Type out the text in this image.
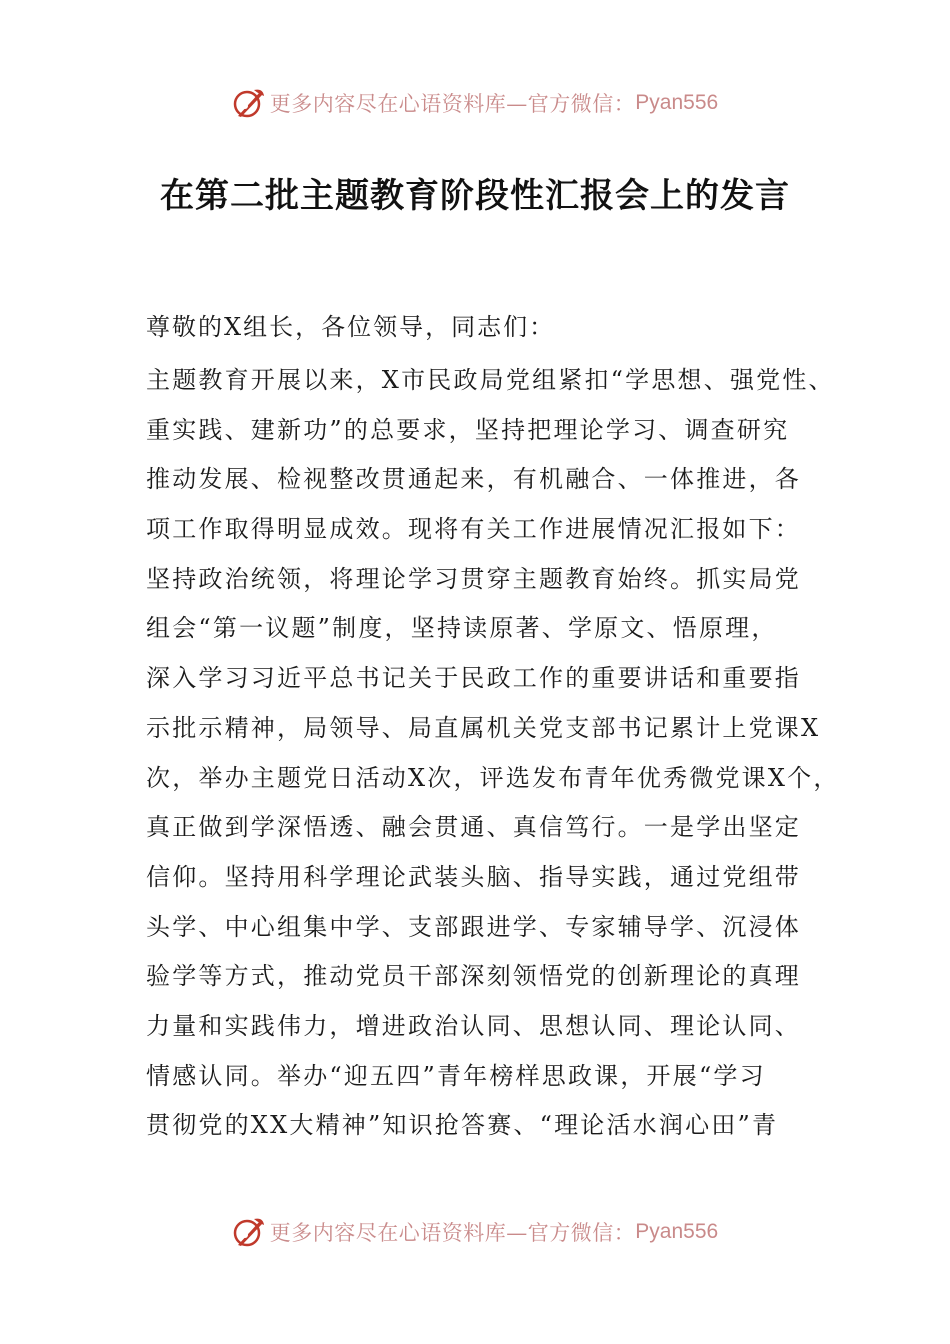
更多内容尽在心语资料库—官方微信： Pyan556
在第二批主题教育阶段性汇报会上的发言
尊敬的X组长，各位领导，同志们：
主题教育开展以来，X市民政局党组紧扣“学思想、强党性、
重实践、建新功”的总要求，坚持把理论学习、调查研究
推动发展、检视整改贯通起来，有机融合、一体推进，各
项工作取得明显成效。现将有关工作进展情况汇报如下：
坚持政治统领，将理论学习贯穿主题教育始终。抓实局党
组会“第一议题”制度，坚持读原著、学原文、悟原理，
深入学习习近平总书记关于民政工作的重要讲话和重要指
示批示精神，局领导、局直属机关党支部书记累计上党课X
次，举办主题党日活动X次，评选发布青年优秀微党课X个，
真正做到学深悟透、融会贯通、真信笃行。一是学出坚定
信仰。坚持用科学理论武装头脑、指导实践，通过党组带
头学、中心组集中学、支部跟进学、专家辅导学、沉浸体
验学等方式，推动党员干部深刻领悟党的创新理论的真理
力量和实践伟力，增进政治认同、思想认同、理论认同、
情感认同。举办“迎五四”青年榜样思政课，开展“学习
贯彻党的XX大精神”知识抢答赛、“理论活水润心田”青
更多内容尽在心语资料库—官方微信： Pyan556
